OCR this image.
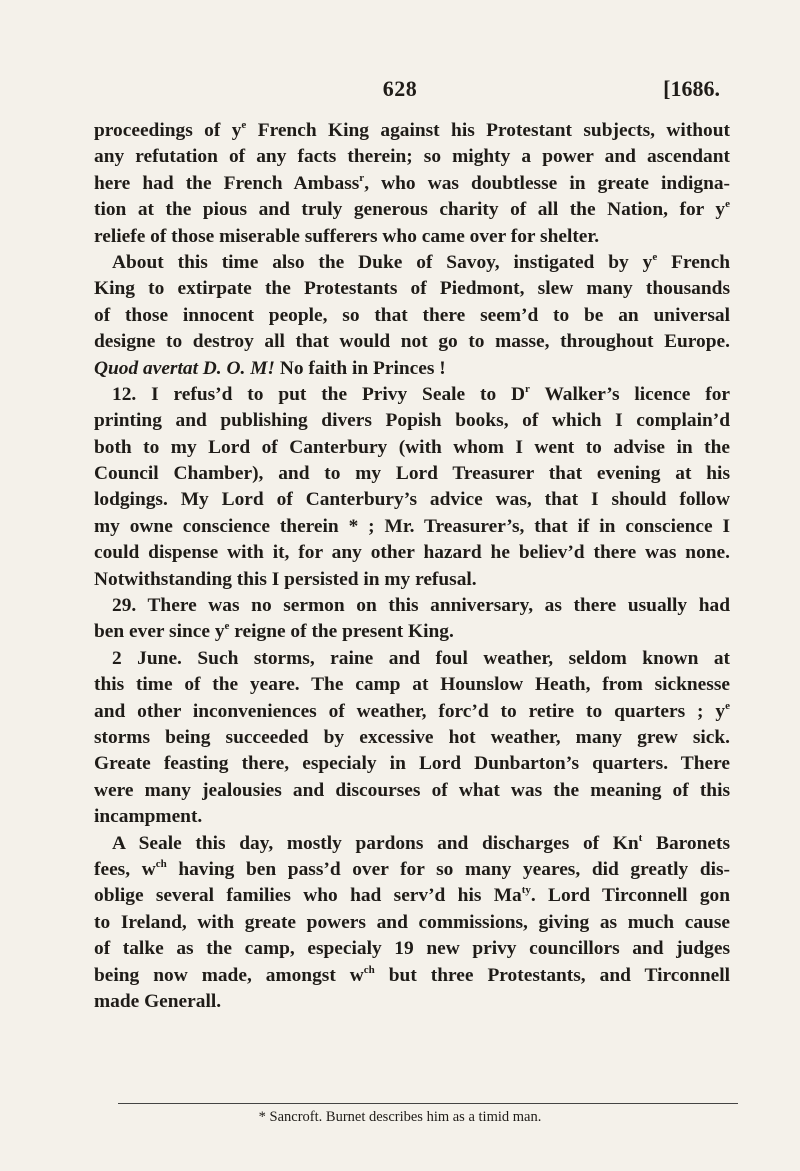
628	[1686.
proceedings of $y^e$ French King against his Protestant subjects, without
any refutation of any facts therein; so mighty a power and ascendant
here had the French Ambass$^r$, who was doubtlesse in greate indigna-
tion at the pious and truly generous charity of all the Nation, for $y^e$
reliefe of those miserable sufferers who came over for shelter.
About this time also the Duke of Savoy, instigated by $y^e$ French
King to extirpate the Protestants of Piedmont, slew many thousands
of those innocent people, so that there seem’d to be an universal
designe to destroy all that would not go to masse, throughout Europe.
Quod avertat D. O. M! No faith in Princes !
12. I refus’d to put the Privy Seale to $D^r$ Walker’s licence for
printing and publishing divers Popish books, of which I complain’d
both to my Lord of Canterbury (with whom I went to advise in the
Council Chamber), and to my Lord Treasurer that evening at his
lodgings. My Lord of Canterbury’s advice was, that I should follow
my owne conscience therein * ; Mr. Treasurer’s, that if in conscience I
could dispense with it, for any other hazard he believ’d there was none.
Notwithstanding this I persisted in my refusal.
29. There was no sermon on this anniversary, as there usually had
ben ever since $y^e$ reigne of the present King.
2 June. Such storms, raine and foul weather, seldom known at
this time of the yeare. The camp at Hounslow Heath, from sicknesse
and other inconveniences of weather, forc’d to retire to quarters ; $y^e$
storms being succeeded by excessive hot weather, many grew sick.
Greate feasting there, especialy in Lord Dunbarton’s quarters. There
were many jealousies and discourses of what was the meaning of this
incampment.
A Seale this day, mostly pardons and discharges of Kn$^t$ Baronets
fees, $w^{ch}$ having ben pass’d over for so many yeares, did greatly dis-
oblige several families who had serv’d his $Ma^{ty}$. Lord Tirconnell gon
to Ireland, with greate powers and commissions, giving as much cause
of talke as the camp, especialy 19 new privy councillors and judges
being now made, amongst $w^{ch}$ but three Protestants, and Tirconnell
made Generall.
* Sancroft. Burnet describes him as a timid man.
